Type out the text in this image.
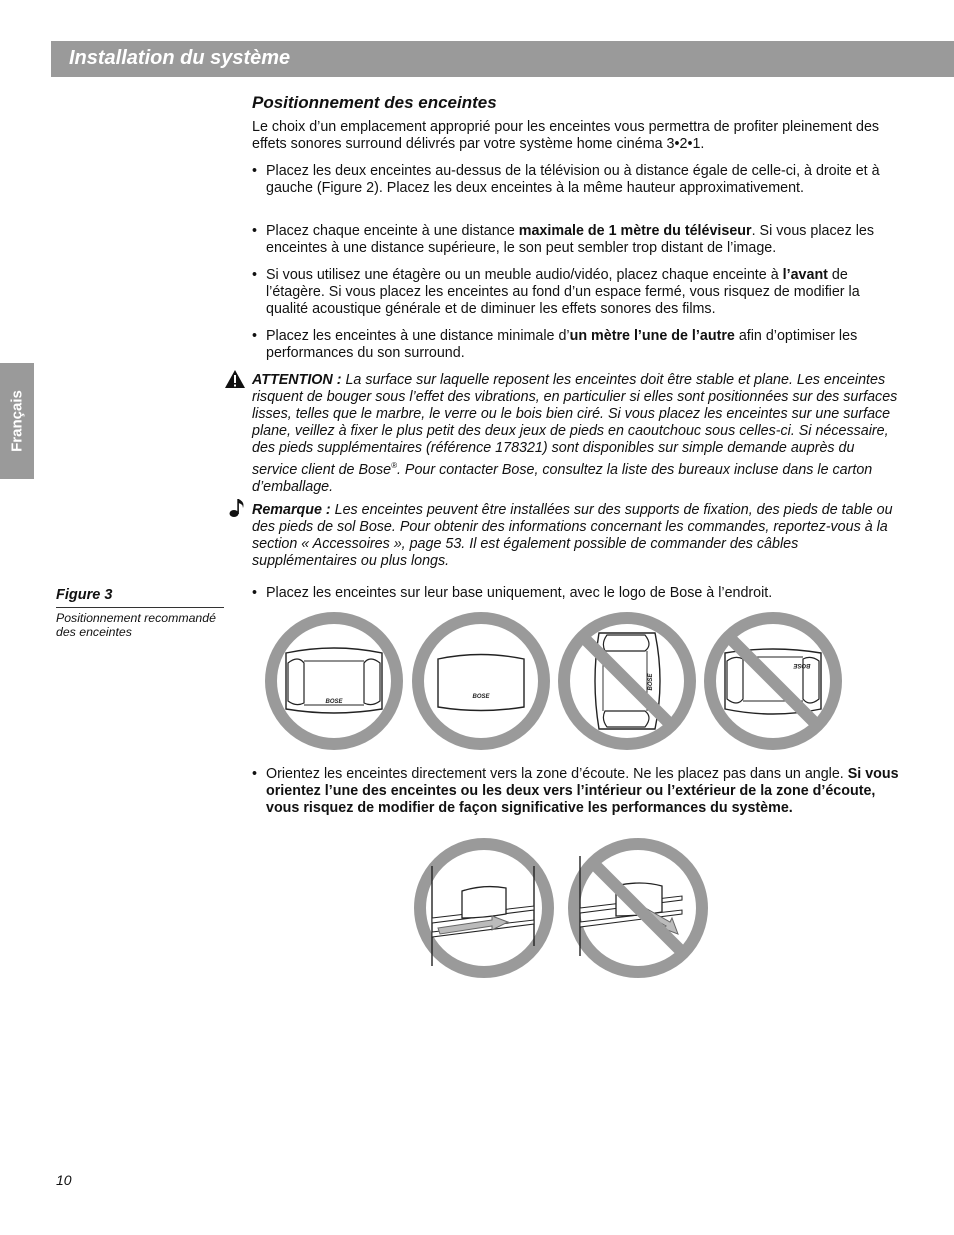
Installation du système
Français
Positionnement des enceintes
Le choix d’un emplacement approprié pour les enceintes vous permettra de profiter pleinement des effets sonores surround délivrés par votre système home cinéma 3•2•1.
• Placez les deux enceintes au-dessus de la télévision ou à distance égale de celle-ci, à droite et à gauche (Figure 2). Placez les deux enceintes à la même hauteur approximativement.
• Placez chaque enceinte à une distance maximale de 1 mètre du téléviseur. Si vous placez les enceintes à une distance supérieure, le son peut sembler trop distant de l’image.
• Si vous utilisez une étagère ou un meuble audio/vidéo, placez chaque enceinte à l’avant de l’étagère. Si vous placez les enceintes au fond d’un espace fermé, vous risquez de modifier la qualité acoustique générale et de diminuer les effets sonores des films.
• Placez les enceintes à une distance minimale d’un mètre l’une de l’autre afin d’optimiser les performances du son surround.
ATTENTION : La surface sur laquelle reposent les enceintes doit être stable et plane. Les enceintes risquent de bouger sous l’effet des vibrations, en particulier si elles sont positionnées sur des surfaces lisses, telles que le marbre, le verre ou le bois bien ciré. Si vous placez les enceintes sur une surface plane, veillez à fixer le plus petit des deux jeux de pieds en caoutchouc sous celles-ci. Si nécessaire, des pieds supplémentaires (référence 178321) sont disponibles sur simple demande auprès du service client de Bose®. Pour contacter Bose, consultez la liste des bureaux incluse dans le carton d’emballage.
Remarque : Les enceintes peuvent être installées sur des supports de fixation, des pieds de table ou des pieds de sol Bose. Pour obtenir des informations concernant les commandes, reportez-vous à la section « Accessoires », page 53. Il est également possible de commander des câbles supplémentaires ou plus longs.
Figure 3
Positionnement recommandé des enceintes
• Placez les enceintes sur leur base uniquement, avec le logo de Bose à l’endroit.
BOSE
BOSE
BOSE
BOSE
• Orientez les enceintes directement vers la zone d’écoute. Ne les placez pas dans un angle. Si vous orientez l’une des enceintes ou les deux vers l’intérieur ou l’extérieur de la zone d’écoute, vous risquez de modifier de façon significative les performances du système.
10
